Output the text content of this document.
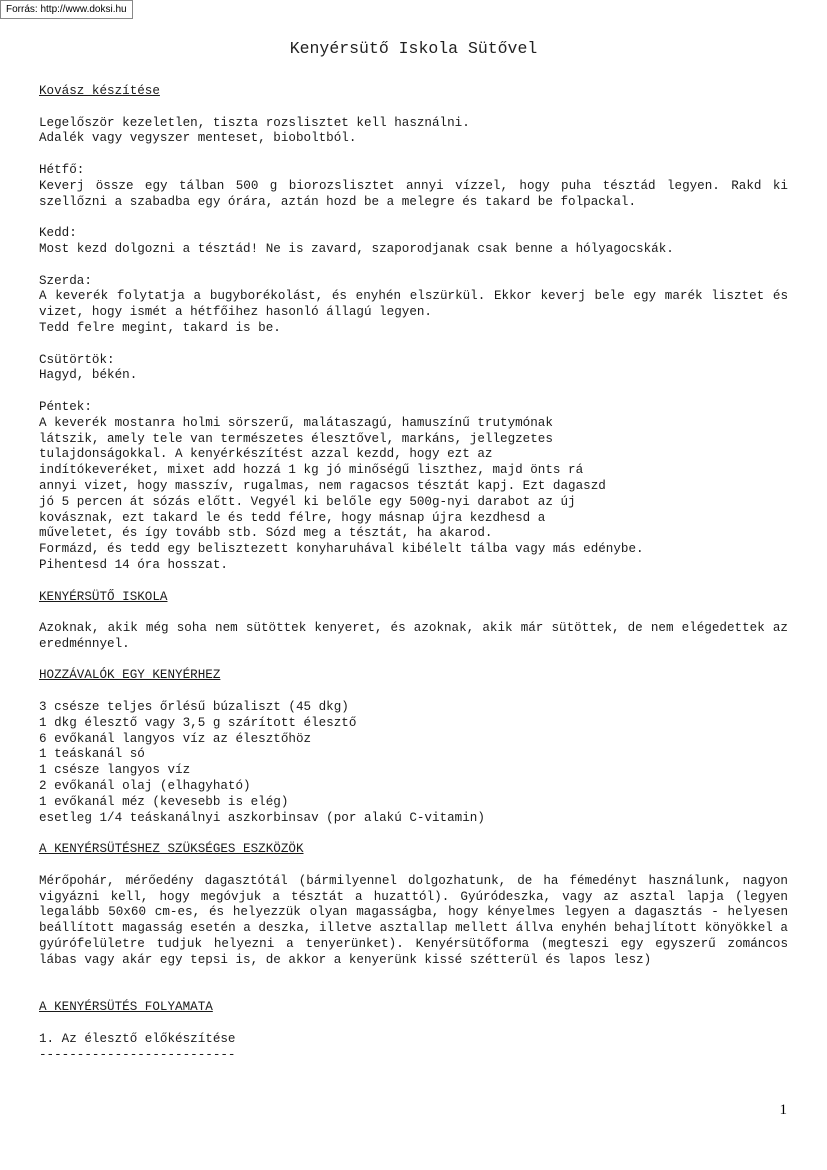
Forrás: http://www.doksi.hu
Kenyérsütő Iskola Sütővel

Kovász készítése

Legelőször kezeletlen, tiszta rozslisztet kell használni.

Adalék vagy vegyszer menteset, bioboltból.

Hétfő:

Keverj össze egy tálban 500 g biorozslisztet annyi vízzel, hogy puha tésztád legyen. Rakd ki szellőzni a szabadba egy órára, aztán hozd be a melegre és takard be folpackal.

Kedd:

Most kezd dolgozni a tésztád! Ne is zavard, szaporodjanak csak benne a hólyagocskák.

Szerda:

A keverék folytatja a bugyborékolást, és enyhén elszürkül. Ekkor keverj bele egy marék lisztet és vizet, hogy ismét a hétfőihez hasonló állagú legyen.

Tedd felre megint, takard is be.

Csütörtök:

Hagyd, békén.

Péntek:

A keverék mostanra holmi sörszerű, malátaszagú, hamuszínű trutymónak

látszik, amely tele van természetes élesztővel, markáns, jellegzetes

tulajdonságokkal. A kenyérkészítést azzal kezdd, hogy ezt az

indítókeveréket, mixet add hozzá 1 kg jó minőségű liszthez, majd önts rá

annyi vizet, hogy masszív, rugalmas, nem ragacsos tésztát kapj. Ezt dagaszd

jó 5 percen át sózás előtt. Vegyél ki belőle egy 500g-nyi darabot az új

kovásznak, ezt takard le és tedd félre, hogy másnap újra kezdhesd a

műveletet, és így tovább stb. Sózd meg a tésztát, ha akarod.

Formázd, és tedd egy belisztezett konyharuhával kibélelt tálba vagy más edénybe.

Pihentesd 14 óra hosszat.

KENYÉRSÜTŐ ISKOLA

Azoknak, akik még soha nem sütöttek kenyeret, és azoknak, akik már sütöttek, de nem elégedettek az eredménnyel.

HOZZÁVALÓK EGY KENYÉRHEZ

3 csésze teljes őrlésű búzaliszt (45 dkg)

1 dkg élesztő vagy 3,5 g szárított élesztő

6 evőkanál langyos víz az élesztőhöz

1 teáskanál só

1 csésze langyos víz

2 evőkanál olaj (elhagyható)

1 evőkanál méz (kevesebb is elég)

esetleg 1/4 teáskanálnyi aszkorbinsav (por alakú C-vitamin)

A KENYÉRSÜTÉSHEZ SZÜKSÉGES ESZKÖZÖK

Mérőpohár, mérőedény dagasztótál (bármilyennel dolgozhatunk, de ha fémedényt használunk, nagyon vigyázni kell, hogy megóvjuk a tésztát a huzattól). Gyúródeszka, vagy az asztal lapja (legyen legalább 50x60 cm-es, és helyezzük olyan magasságba, hogy kényelmes legyen a dagasztás - helyesen beállított magasság esetén a deszka, illetve asztallap mellett állva enyhén behajlított könyökkel a gyúrófelületre tudjuk helyezni a tenyerünket). Kenyérsütőforma (megteszi egy egyszerű zománcos lábas vagy akár egy tepsi is, de akkor a kenyerünk kissé szétterül és lapos lesz)

A KENYÉRSÜTÉS FOLYAMATA

1. Az élesztő előkészítése

--------------------------

1
